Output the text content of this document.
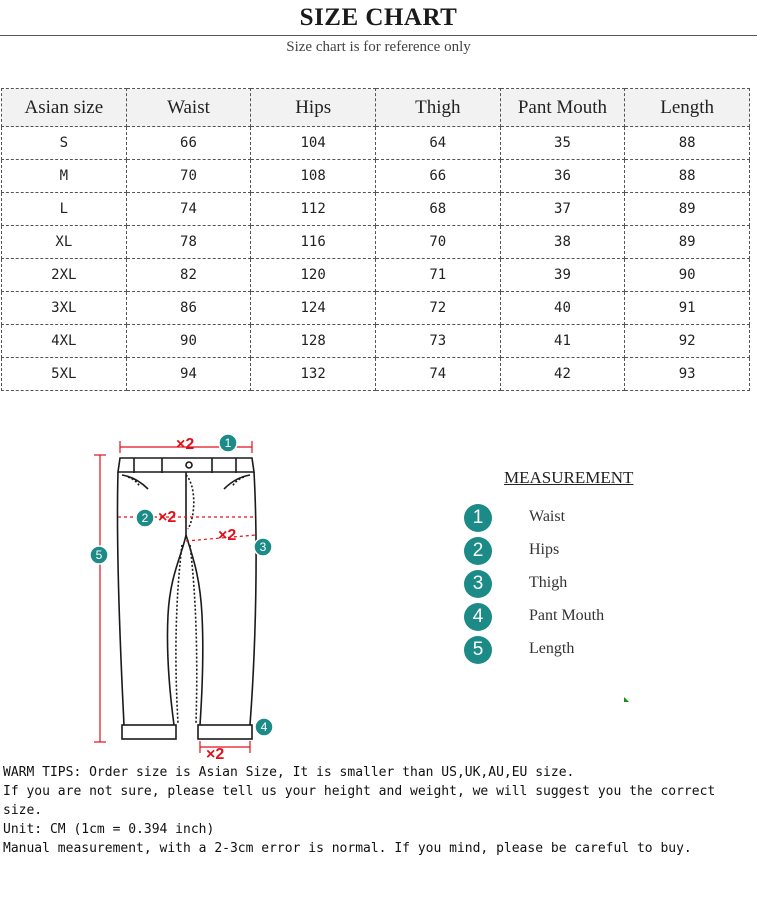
SIZE CHART
Size chart is for reference only
Asian size	Waist	Hips	Thigh	Pant Mouth	Length
S	66	104	64	35	88
M	70	108	66	36	88
L	74	112	68	37	89
XL	78	116	70	38	89
2XL	82	120	71	39	90
3XL	86	124	72	40	91
4XL	90	128	73	41	92
5XL	94	132	74	42	93
×2
×2
×2
×2
1
2
3
4
5
MEASUREMENT
1	Waist
2	Hips
3	Thigh
4	Pant Mouth
5	Length
WARM TIPS: Order size is Asian Size, It is smaller than US,UK,AU,EU size.
If you are not sure, please tell us your height and weight, we will suggest you the correct size.
Unit: CM (1cm = 0.394 inch)
Manual measurement, with a 2-3cm error is normal. If you mind, please be careful to buy.
